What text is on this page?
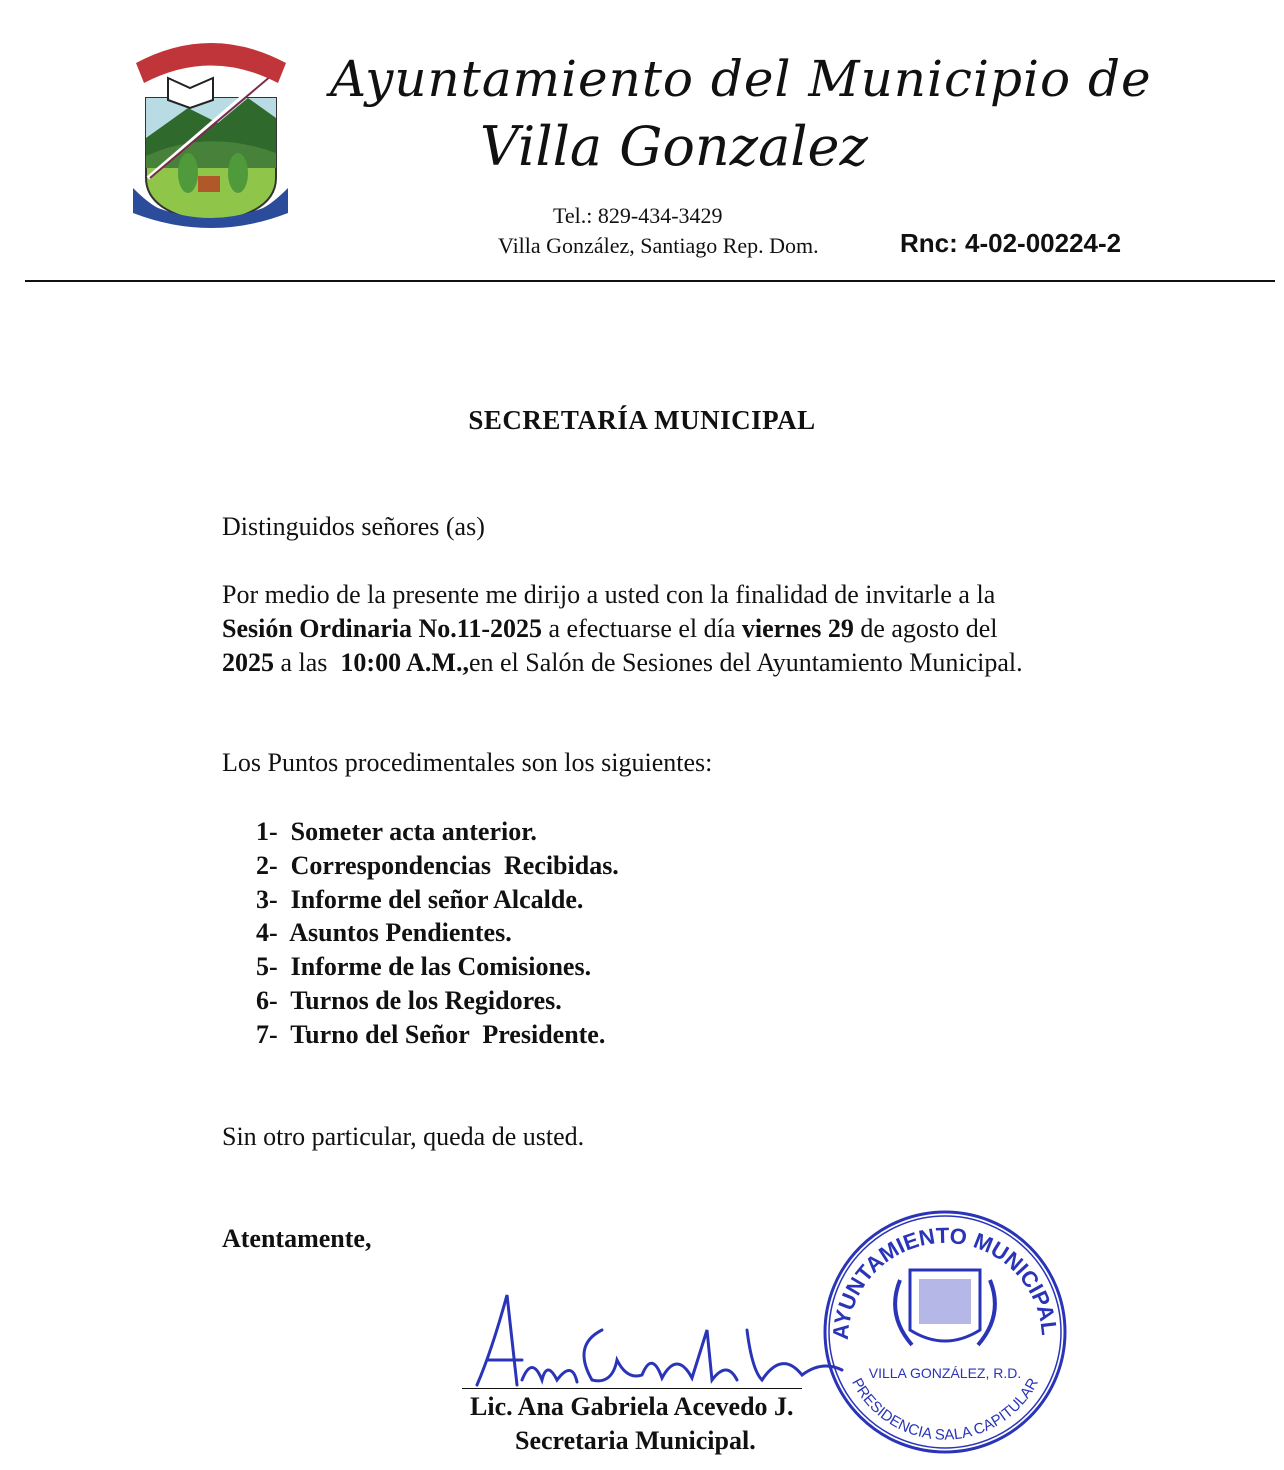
Ayuntamiento del Municipio de
Villa Gonzalez
Tel.: 829-434-3429
Villa González, Santiago Rep. Dom.	Rnc: 4-02-00224-2
SECRETARÍA MUNICIPAL
Distinguidos señores (as)
Por medio de la presente me dirijo a usted con la finalidad de invitarle a la
Sesión Ordinaria No.11-2025 a efectuarse el día viernes 29 de agosto del
2025 a las  10:00 A.M.,en el Salón de Sesiones del Ayuntamiento Municipal.
Los Puntos procedimentales son los siguientes:
1-  Someter acta anterior.
2-  Correspondencias  Recibidas.
3-  Informe del señor Alcalde.
4-  Asuntos Pendientes.
5-  Informe de las Comisiones.
6-  Turnos de los Regidores.
7-  Turno del Señor  Presidente.
Sin otro particular, queda de usted.
Atentamente,
Lic. Ana Gabriela Acevedo J.
Secretaria Municipal.
AYUNTAMIENTO MUNICIPAL
PRESIDENCIA SALA CAPITULAR
VILLA GONZÁLEZ, R.D.
